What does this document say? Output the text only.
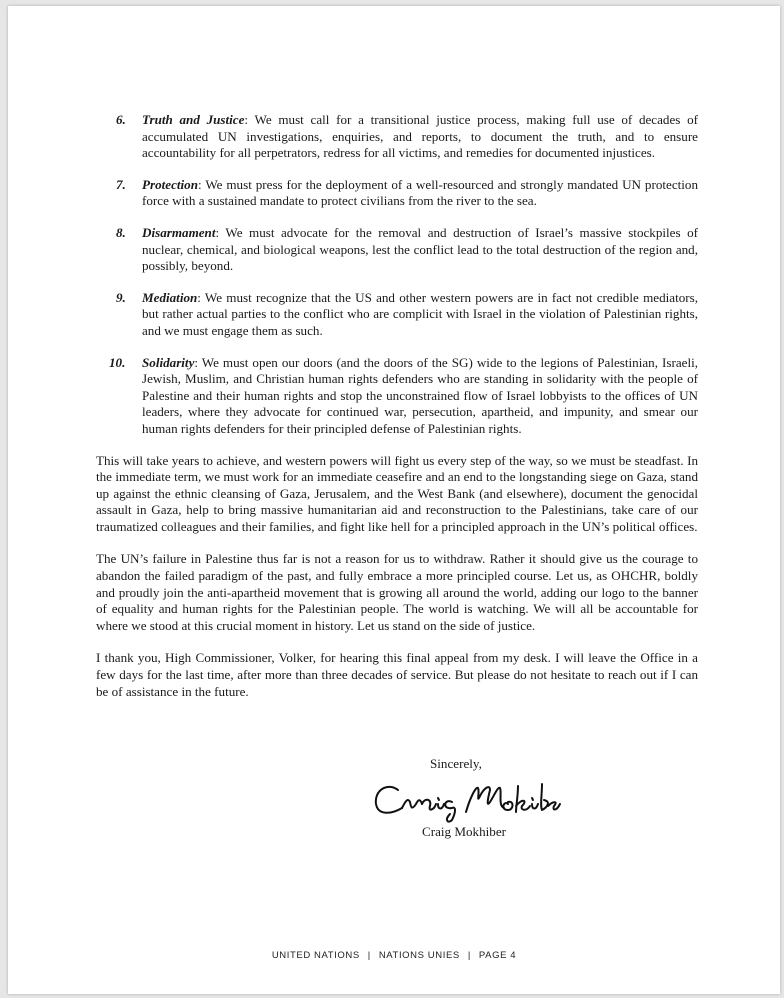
6. Truth and Justice: We must call for a transitional justice process, making full use of decades of accumulated UN investigations, enquiries, and reports, to document the truth, and to ensure accountability for all perpetrators, redress for all victims, and remedies for documented injustices.
7. Protection: We must press for the deployment of a well-resourced and strongly mandated UN protection force with a sustained mandate to protect civilians from the river to the sea.
8. Disarmament: We must advocate for the removal and destruction of Israel’s massive stockpiles of nuclear, chemical, and biological weapons, lest the conflict lead to the total destruction of the region and, possibly, beyond.
9. Mediation: We must recognize that the US and other western powers are in fact not credible mediators, but rather actual parties to the conflict who are complicit with Israel in the violation of Palestinian rights, and we must engage them as such.
10. Solidarity: We must open our doors (and the doors of the SG) wide to the legions of Palestinian, Israeli, Jewish, Muslim, and Christian human rights defenders who are standing in solidarity with the people of Palestine and their human rights and stop the unconstrained flow of Israel lobbyists to the offices of UN leaders, where they advocate for continued war, persecution, apartheid, and impunity, and smear our human rights defenders for their principled defense of Palestinian rights.

This will take years to achieve, and western powers will fight us every step of the way, so we must be steadfast. In the immediate term, we must work for an immediate ceasefire and an end to the longstanding siege on Gaza, stand up against the ethnic cleansing of Gaza, Jerusalem, and the West Bank (and elsewhere), document the genocidal assault in Gaza, help to bring massive humanitarian aid and reconstruction to the Palestinians, take care of our traumatized colleagues and their families, and fight like hell for a principled approach in the UN’s political offices.

The UN’s failure in Palestine thus far is not a reason for us to withdraw. Rather it should give us the courage to abandon the failed paradigm of the past, and fully embrace a more principled course. Let us, as OHCHR, boldly and proudly join the anti-apartheid movement that is growing all around the world, adding our logo to the banner of equality and human rights for the Palestinian people. The world is watching. We will all be accountable for where we stood at this crucial moment in history. Let us stand on the side of justice.

I thank you, High Commissioner, Volker, for hearing this final appeal from my desk. I will leave the Office in a few days for the last time, after more than three decades of service. But please do not hesitate to reach out if I can be of assistance in the future.

Sincerely,
Craig Mokhiber
UNITED NATIONS | NATIONS UNIES | PAGE 4
